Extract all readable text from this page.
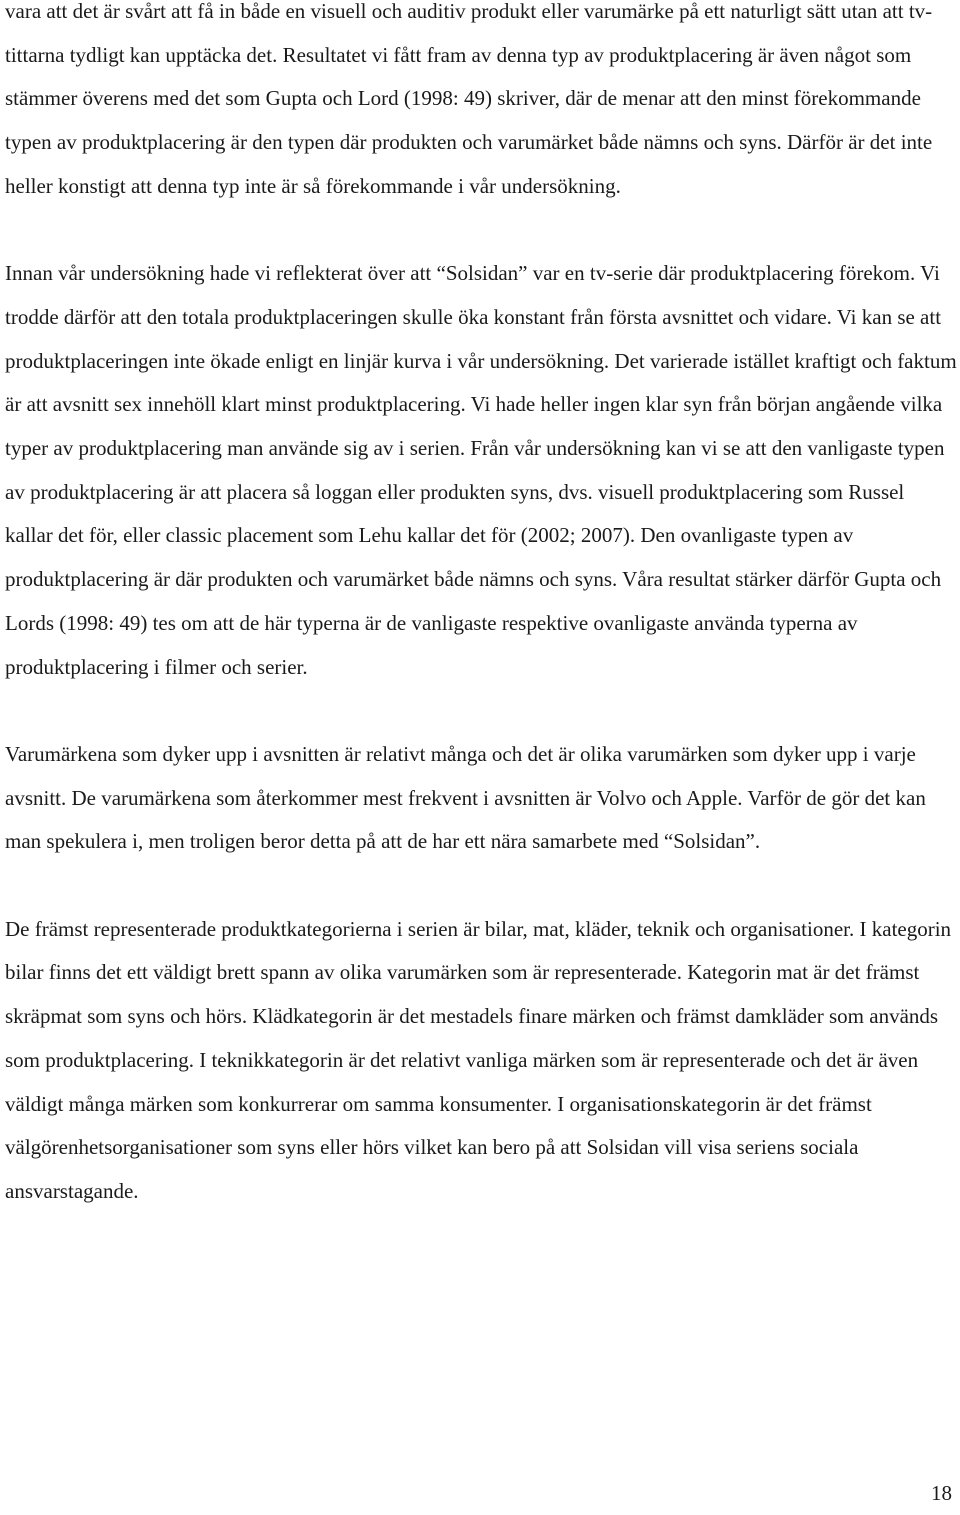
vara att det är svårt att få in både en visuell och auditiv produkt eller varumärke på ett naturligt sätt utan att tv-tittarna tydligt kan upptäcka det. Resultatet vi fått fram av denna typ av produktplacering är även något som stämmer överens med det som Gupta och Lord (1998: 49) skriver, där de menar att den minst förekommande typen av produktplacering är den typen där produkten och varumärket både nämns och syns. Därför är det inte heller konstigt att denna typ inte är så förekommande i vår undersökning.

Innan vår undersökning hade vi reflekterat över att “Solsidan” var en tv-serie där produktplacering förekom. Vi trodde därför att den totala produktplaceringen skulle öka konstant från första avsnittet och vidare. Vi kan se att produktplaceringen inte ökade enligt en linjär kurva i vår undersökning. Det varierade istället kraftigt och faktum är att avsnitt sex innehöll klart minst produktplacering. Vi hade heller ingen klar syn från början angående vilka typer av produktplacering man använde sig av i serien. Från vår undersökning kan vi se att den vanligaste typen av produktplacering är att placera så loggan eller produkten syns, dvs. visuell produktplacering som Russel kallar det för, eller classic placement som Lehu kallar det för (2002; 2007). Den ovanligaste typen av produktplacering är där produkten och varumärket både nämns och syns. Våra resultat stärker därför Gupta och Lords (1998: 49) tes om att de här typerna är de vanligaste respektive ovanligaste använda typerna av produktplacering i filmer och serier.

Varumärkena som dyker upp i avsnitten är relativt många och det är olika varumärken som dyker upp i varje avsnitt. De varumärkena som återkommer mest frekvent i avsnitten är Volvo och Apple. Varför de gör det kan man spekulera i, men troligen beror detta på att de har ett nära samarbete med “Solsidan”.

De främst representerade produktkategorierna i serien är bilar, mat, kläder, teknik och organisationer. I kategorin bilar finns det ett väldigt brett spann av olika varumärken som är representerade. Kategorin mat är det främst skräpmat som syns och hörs. Klädkategorin är det mestadels finare märken och främst damkläder som används som produktplacering. I teknikkategorin är det relativt vanliga märken som är representerade och det är även väldigt många märken som konkurrerar om samma konsumenter. I organisationskategorin är det främst välgörenhetsorganisationer som syns eller hörs vilket kan bero på att Solsidan vill visa seriens sociala ansvarstagande.

18
